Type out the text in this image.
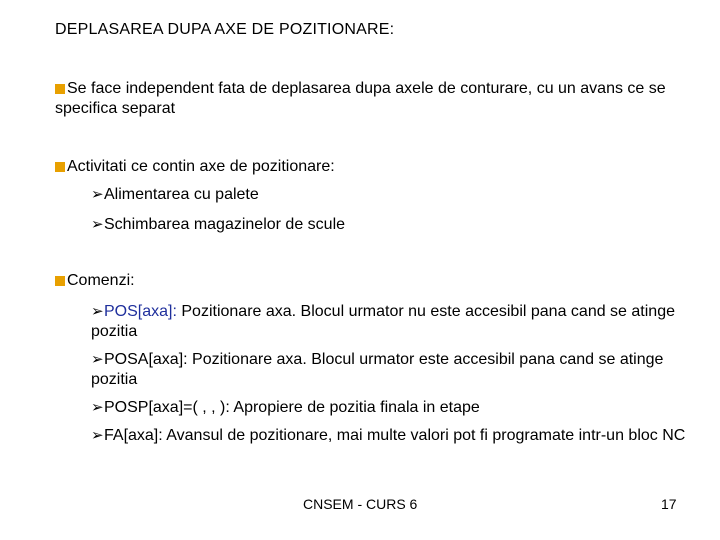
DEPLASAREA DUPA AXE DE POZITIONARE:
Se face independent fata de deplasarea dupa axele de conturare, cu un avans ce se specifica separat
Activitati ce contin axe de pozitionare:
➢Alimentarea cu palete
➢Schimbarea magazinelor de scule
Comenzi:
➢POS[axa]: Pozitionare axa. Blocul urmator nu este accesibil pana cand se atinge pozitia
➢POSA[axa]: Pozitionare axa. Blocul urmator este accesibil pana cand se atinge pozitia
➢POSP[axa]=( , , ): Apropiere de pozitia finala in etape
➢FA[axa]: Avansul de pozitionare, mai multe valori pot fi programate intr-un bloc NC
CNSEM - CURS 6	17
